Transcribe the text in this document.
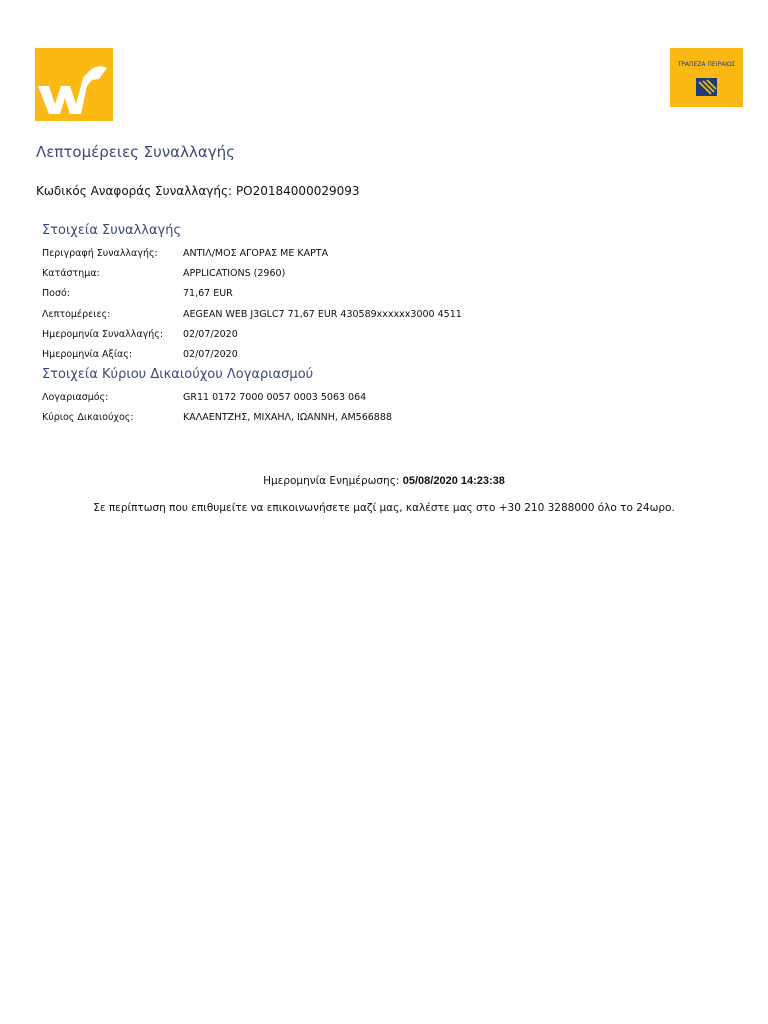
ΤΡΑΠΕΖΑ ΠΕΙΡΑΙΩΣ
Λεπτομέρειες Συναλλαγής
Κωδικός Αναφοράς Συναλλαγής: PO20184000029093
Στοιχεία Συναλλαγής
Περιγραφή Συναλλαγής:	ΑΝΤΙΛ/ΜΟΣ ΑΓΟΡΑΣ ΜΕ ΚΑΡΤΑ
Κατάστημα:	APPLICATIONS (2960)
Ποσό:	71,67 EUR
Λεπτομέρειες:	AEGEAN WEB J3GLC7 71,67 EUR 430589xxxxxx3000 4511
Ημερομηνία Συναλλαγής: 02/07/2020
Ημερομηνία Αξίας:	02/07/2020
Στοιχεία Κύριου Δικαιούχου Λογαριασμού
Λογαριασμός:	GR11 0172 7000 0057 0003 5063 064
Κύριος Δικαιούχος:	ΚΑΛΑΕΝΤΖΗΣ, ΜΙΧΑΗΛ, ΙΩΑΝΝΗ, ΑΜ566888
Ημερομηνία Ενημέρωσης: 05/08/2020 14:23:38
Σε περίπτωση που επιθυμείτε να επικοινωνήσετε μαζί μας, καλέστε μας στο +30 210 3288000 όλο το 24ωρο.
